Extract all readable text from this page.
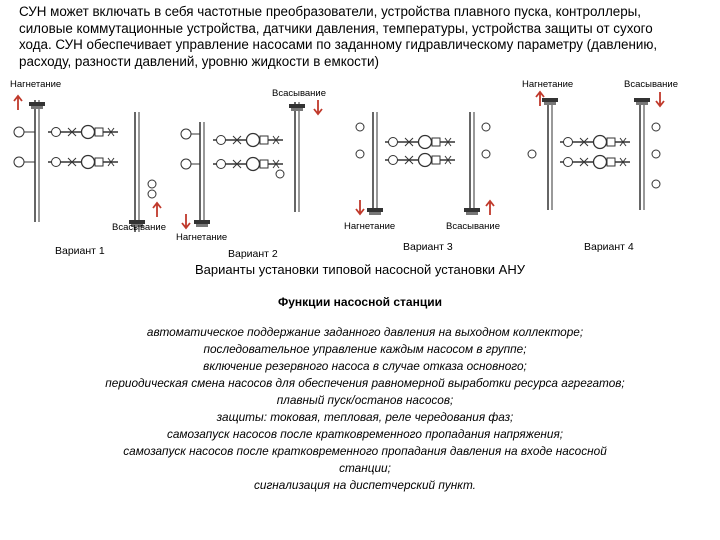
СУН может включать в себя частотные преобразователи, устройства плавного пуска, контроллеры,
силовые коммутационные устройства, датчики давления, температуры, устройства защиты от сухого
хода. СУН обеспечивает управление насосами по заданному гидравлическому параметру (давлению,
расходу, разности давлений, уровню жидкости в емкости)
Нагнетание
Всасывание
Вариант 1
Всасывание
Нагнетание
Вариант 2
Нагнетание	Всасывание
Вариант 3
Нагнетание	Всасывание
Вариант 4
Варианты установки типовой насосной установки АНУ
Функции насосной станции
автоматическое поддержание заданного давления на выходном коллекторе;
последовательное управление каждым насосом в группе;
включение резервного насоса в случае отказа основного;
периодическая смена насосов для обеспечения равномерной выработки ресурса агрегатов;
плавный пуск/останов насосов;
защиты: токовая, тепловая, реле чередования фаз;
самозапуск насосов после кратковременного пропадания напряжения;
самозапуск насосов после кратковременного пропадания давления на входе насосной
станции;
сигнализация на диспетчерский пункт.
